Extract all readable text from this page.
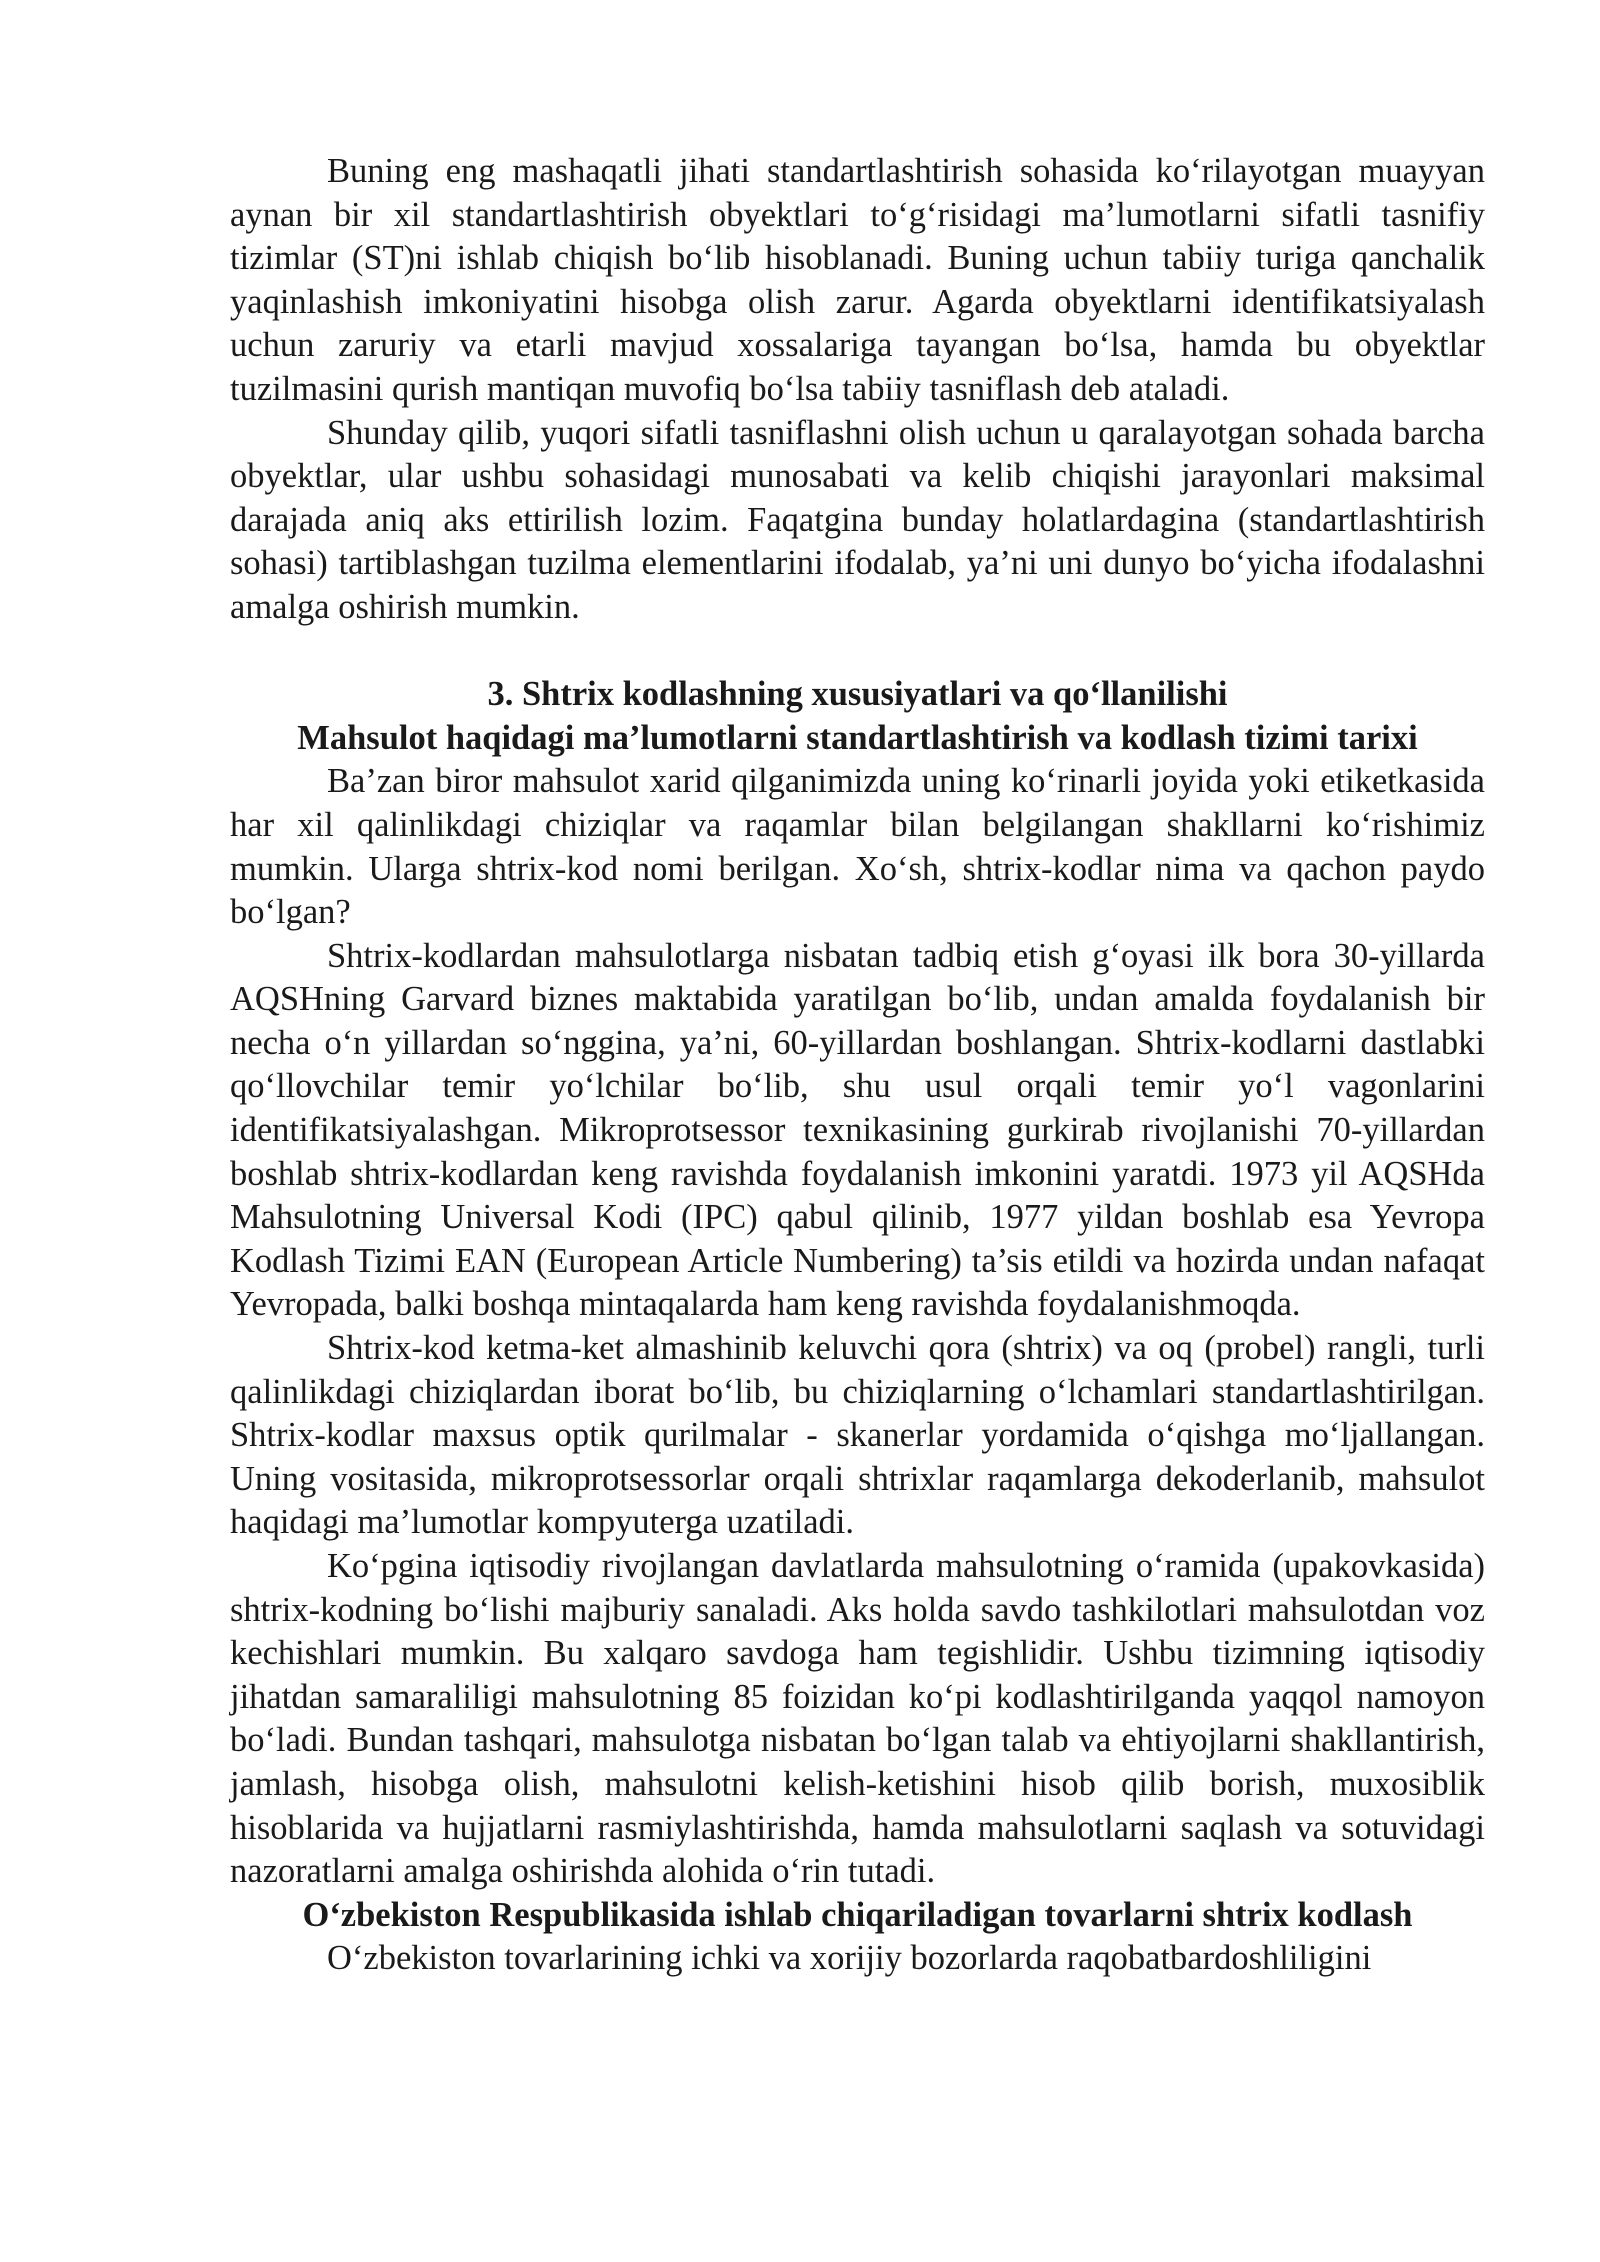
Buning eng mashaqatli jihati standartlashtirish sohasida ko‘rilayotgan muayyan aynan bir xil standartlashtirish obyektlari to‘g‘risidagi ma’lumotlarni sifatli tasnifiy tizimlar (ST)ni ishlab chiqish bo‘lib hisoblanadi. Buning uchun tabiiy turiga qanchalik yaqinlashish imkoniyatini hisobga olish zarur. Agarda obyektlarni identifikatsiyalash uchun zaruriy va etarli mavjud xossalariga tayangan bo‘lsa, hamda bu obyektlar tuzilmasini qurish mantiqan muvofiq bo‘lsa tabiiy tasniflash deb ataladi.

Shunday qilib, yuqori sifatli tasniflashni olish uchun u qaralayotgan sohada barcha obyektlar, ular ushbu sohasidagi munosabati va kelib chiqishi jarayonlari maksimal darajada aniq aks ettirilish lozim. Faqatgina bunday holatlardagina (standartlashtirish sohasi) tartiblashgan tuzilma elementlarini ifodalab, ya’ni uni dunyo bo‘yicha ifodalashni amalga oshirish mumkin.

3. Shtrix kodlashning xususiyatlari va qo‘llanilishi

Mahsulot haqidagi ma’lumotlarni standartlashtirish va kodlash tizimi tarixi

Ba’zan biror mahsulot xarid qilganimizda uning ko‘rinarli joyida yoki etiketkasida har xil qalinlikdagi chiziqlar va raqamlar bilan belgilangan shakllarni ko‘rishimiz mumkin. Ularga shtrix-kod nomi berilgan. Xo‘sh, shtrix-kodlar nima va qachon paydo bo‘lgan?

Shtrix-kodlardan mahsulotlarga nisbatan tadbiq etish g‘oyasi ilk bora 30-yillarda AQSHning Garvard biznes maktabida yaratilgan bo‘lib, undan amalda foydalanish bir necha o‘n yillardan so‘nggina, ya’ni, 60-yillardan boshlangan. Shtrix-kodlarni dastlabki qo‘llovchilar temir yo‘lchilar bo‘lib, shu usul orqali temir yo‘l vagonlarini identifikatsiyalashgan. Mikroprotsessor texnikasining gurkirab rivojlanishi 70-yillardan boshlab shtrix-kodlardan keng ravishda foydalanish imkonini yaratdi. 1973 yil AQSHda Mahsulotning Universal Kodi (IPC) qabul qilinib, 1977 yildan boshlab esa Yevropa Kodlash Tizimi EAN (European Article Numbering) ta’sis etildi va hozirda undan nafaqat Yevropada, balki boshqa mintaqalarda ham keng ravishda foydalanishmoqda.

Shtrix-kod ketma-ket almashinib keluvchi qora (shtrix) va oq (probel) rangli, turli qalinlikdagi chiziqlardan iborat bo‘lib, bu chiziqlarning o‘lchamlari standartlashtirilgan. Shtrix-kodlar maxsus optik qurilmalar - skanerlar yordamida o‘qishga mo‘ljallangan. Uning vositasida, mikroprotsessorlar orqali shtrixlar raqamlarga dekoderlanib, mahsulot haqidagi ma’lumotlar kompyuterga uzatiladi.

Ko‘pgina iqtisodiy rivojlangan davlatlarda mahsulotning o‘ramida (upakovkasida) shtrix-kodning bo‘lishi majburiy sanaladi. Aks holda savdo tashkilotlari mahsulotdan voz kechishlari mumkin. Bu xalqaro savdoga ham tegishlidir. Ushbu tizimning iqtisodiy jihatdan samaraliligi mahsulotning 85 foizidan ko‘pi kodlashtirilganda yaqqol namoyon bo‘ladi. Bundan tashqari, mahsulotga nisbatan bo‘lgan talab va ehtiyojlarni shakllantirish, jamlash, hisobga olish, mahsulotni kelish-ketishini hisob qilib borish, muxosiblik hisoblarida va hujjatlarni rasmiylashtirishda, hamda mahsulotlarni saqlash va sotuvidagi nazoratlarni amalga oshirishda alohida o‘rin tutadi.

O‘zbekiston Respublikasida ishlab chiqariladigan tovarlarni shtrix kodlash

O‘zbekiston tovarlarining ichki va xorijiy bozorlarda raqobatbardoshliligini
